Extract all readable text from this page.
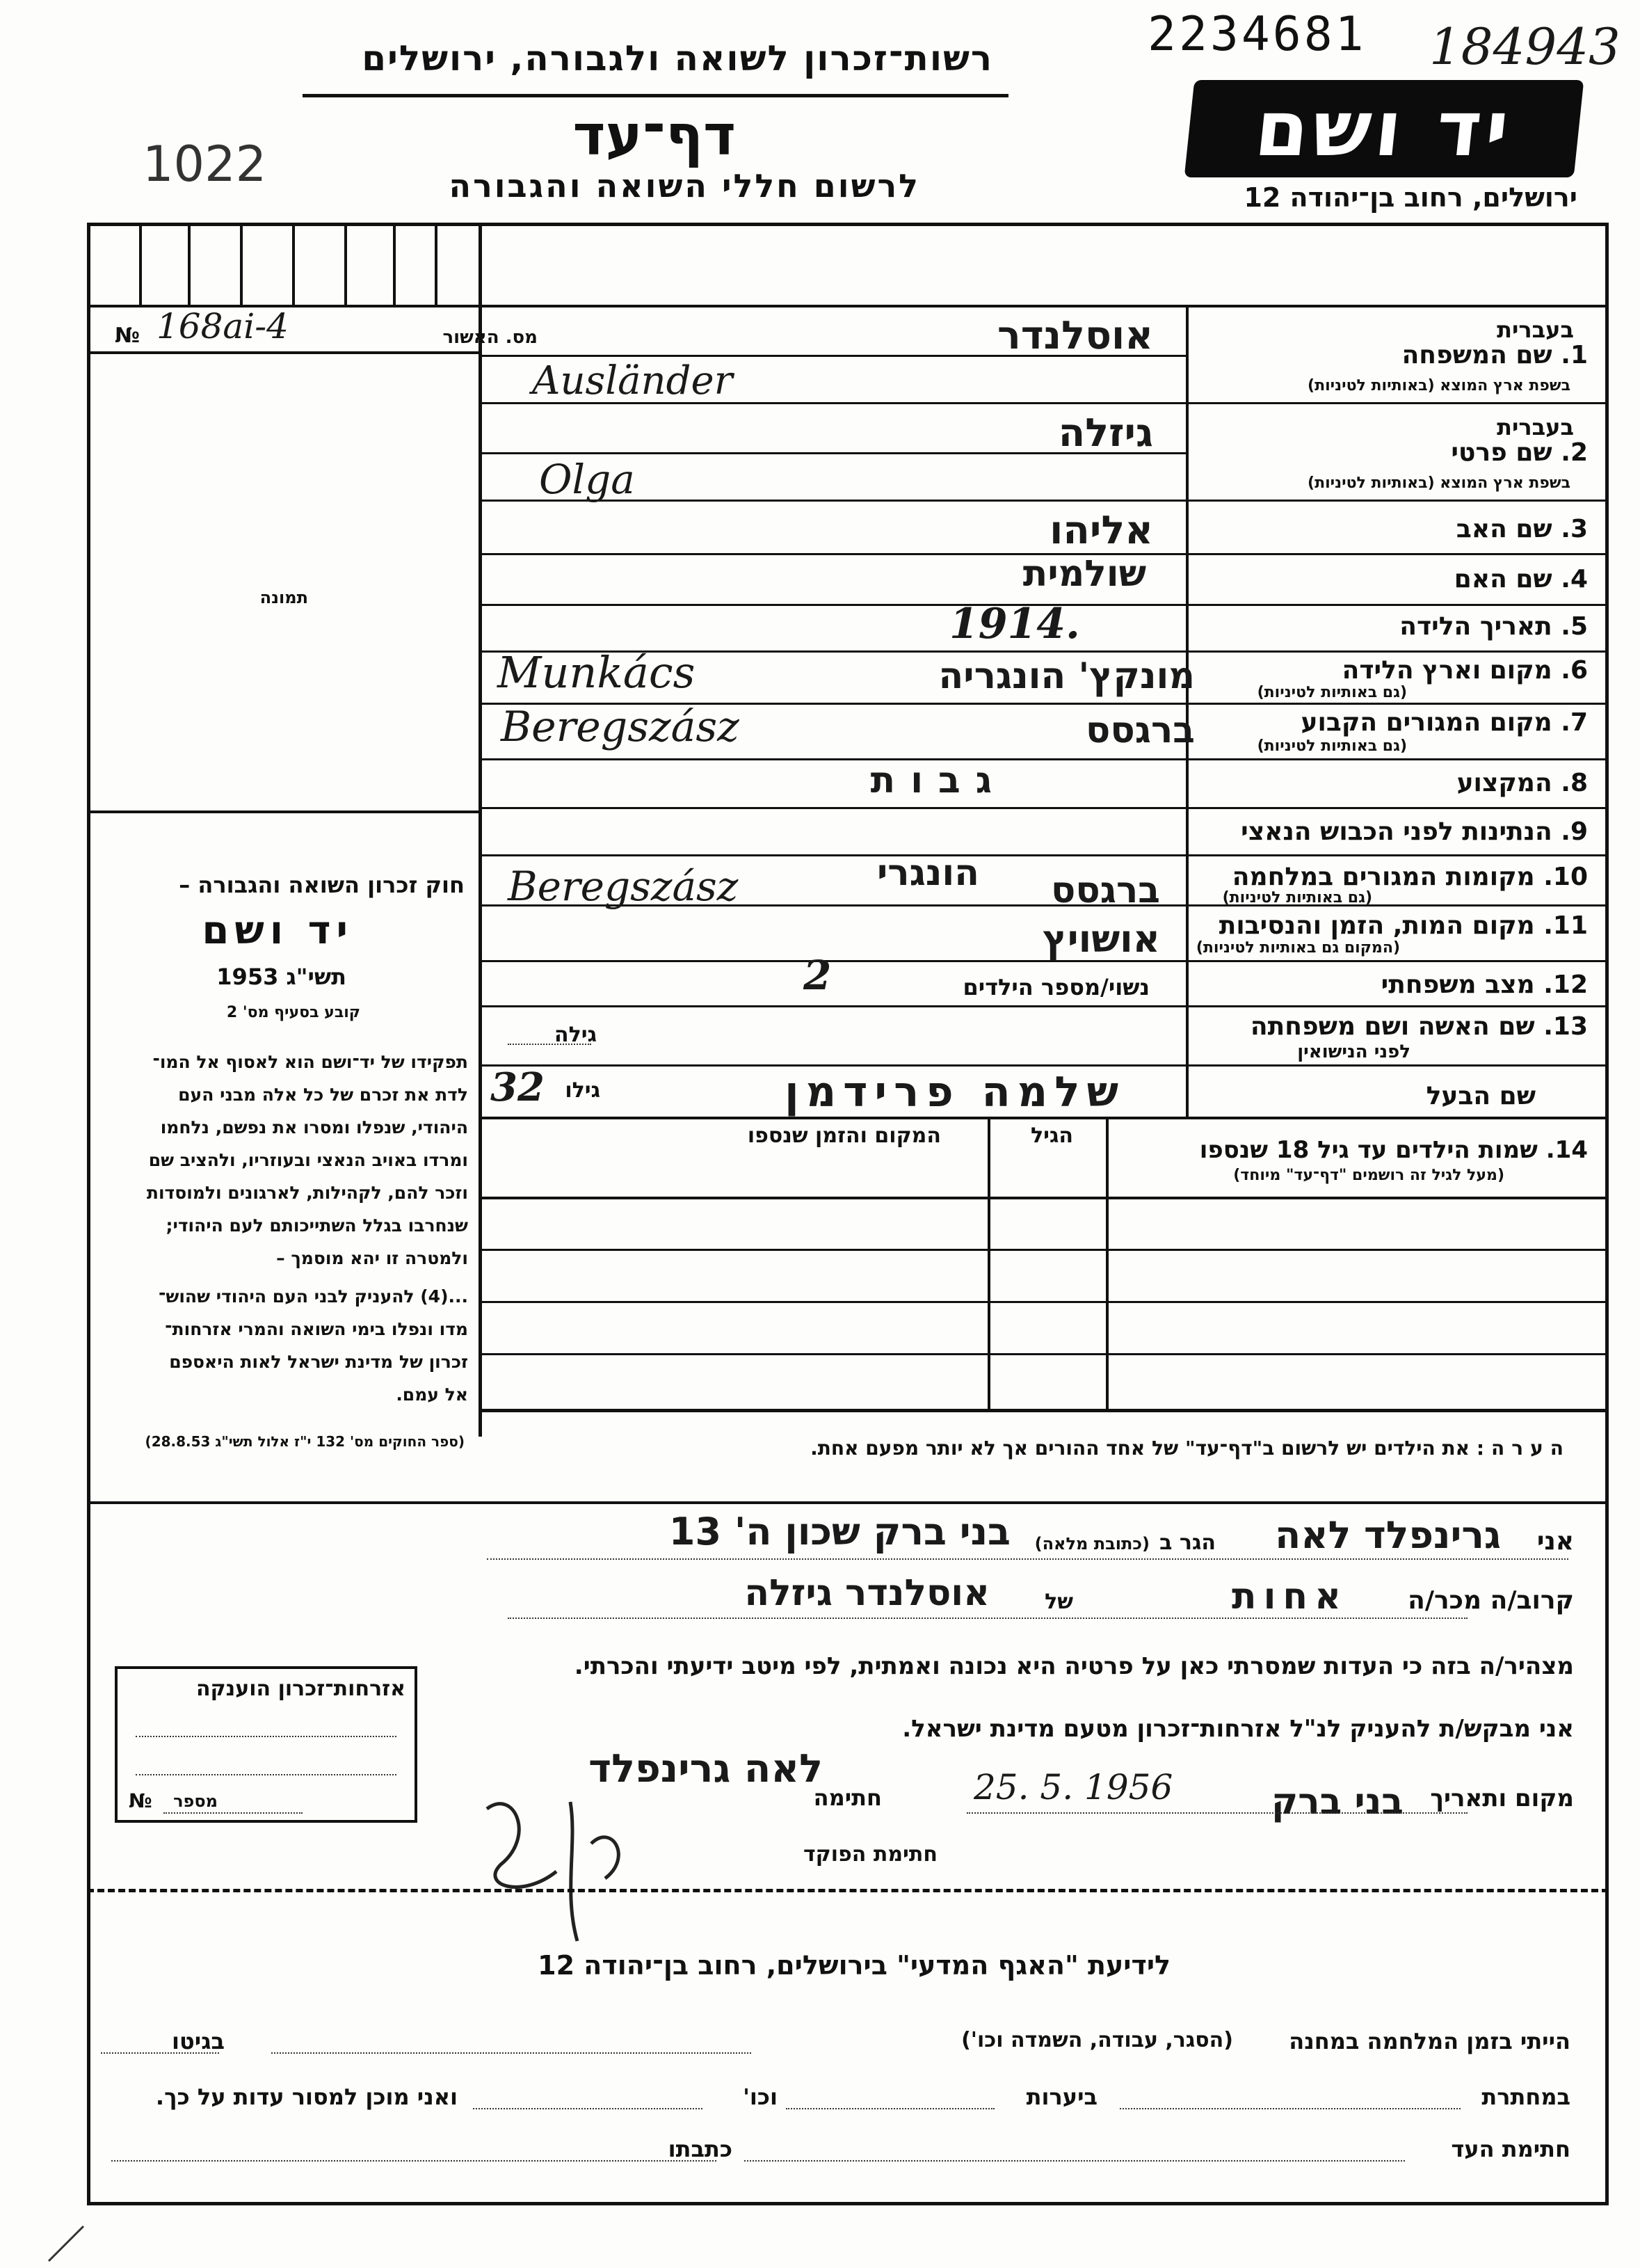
רשות־זכרון לשואה ולגבורה, ירושלים
דף־עד
לרשום חללי השואה והגבורה
1022
2234681 184943
יד ושם
ירושלים, רחוב בן־יהודה 12
מס. האשור
№ 168ai-4
תמונה
חוק זכרון השואה והגבורה –
יד ושם
תשי"ג 1953
קובע בסעיף מס' 2
תפקידו של יד־ושם הוא לאסוף אל המו־
לדת את זכרם של כל אלה מבני העם
היהודי, שנפלו ומסרו את נפשם, נלחמו
ומרדו באויב הנאצי ובעוזריו, ולהציב שם
וזכר להם, לקהילות, לארגונים ולמוסדות
שנחרבו בגלל השתייכותם לעם היהודי;
ולמטרה זו יהא מוסמך –
...(4) להעניק לבני העם היהודי שהוש־
מדו ונפלו בימי השואה והמרי אזרחות־
זכרון של מדינת ישראל לאות היאספם
אל עמם.
(ספר החוקים מס' 132 י"ז אלול תשי"ג 28.8.53)
בעברית
1. שם המשפחה
בשפת ארץ המוצא (באותיות לטיניות)
אוסלנדר
Ausländer
בעברית
2. שם פרטי
בשפת ארץ המוצא (באותיות לטיניות)
גיזלה
Olga
3. שם האב
אליהו
4. שם האם
שולמית
5. תאריך הלידה
1914.
6. מקום וארץ הלידה
(גם באותיות לטיניות)
מונקץ' הונגריה
Munkács
7. מקום המגורים הקבוע
(גם באותיות לטיניות)
ברגסס
Beregszász
8. המקצוע
גבות
9. הנתינות לפני הכבוש הנאצי
הונגרי	10. מקומות המגורים במלחמה
(גם באותיות לטיניות)
ברגסס
Beregszász
11. מקום המות, הזמן והנסיבות
(המקום גם באותיות לטיניות)
אושויץ
12. מצב משפחתי
נשוי/מספר הילדים
2
13. שם האשה ושם משפחתה
לפני הנישואין
גילה
שם הבעל
שלמה פרידמן
גילו
32
14. שמות הילדים עד גיל 18 שנספו
(מעל לגיל זה רושמים "דף־עד" מיוחד)
הגיל
המקום והזמן שנספו
הערה: את הילדים יש לרשום ב"דף־עד" של אחד ההורים אך לא יותר מפעם אחת.
אני
גרינפלד לאה
הגר ב
(כתובת מלאה)
בני ברק שכון ה' 13
קרוב/ה מכר/ה
אחות
של
אוסלנדר גיזלה
מצהיר/ה בזה כי העדות שמסרתי כאן על פרטיה היא נכונה ואמתית, לפי מיטב ידיעתי והכרתי.
אני מבקש/ת להעניק לנ"ל אזרחות־זכרון מטעם מדינת ישראל.
מקום ותאריך
בני ברק
25. 5. 1956
חתימה
לאה גרינפלד
חתימת הפוקד
אזרחות־זכרון הוענקה
מספר
№
לידיעת "האגף המדעי" בירושלים, רחוב בן־יהודה 12
הייתי בזמן המלחמה במחנה
(הסגר, עבודה, השמדה וכו')
בגיטו
במחתרת
ביערות
וכו'
ואני מוכן למסור עדות על כך.
חתימת העד
כתבתו
